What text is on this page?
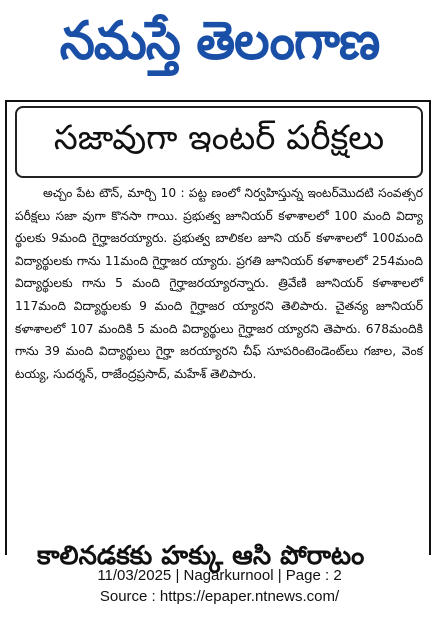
నమస్తే తెలంగాణ
సజావుగా ఇంటర్ పరీక్షలు
అచ్చం పేట టౌన్, మార్చి 10 : పట్ట ణంలో నిర్వహిస్తున్న ఇంటర్‌మొదటి సంవత్సర పరీక్షలు సజా వుగా కొనసా గాయి. ప్రభుత్వ జూనియర్ కళాశాలలో 100 మంది విద్యా ర్థులకు 9మంది గైర్హాజరయ్యారు. ప్రభుత్వ బాలికల జూని యర్ కళాశాలలో 100మంది విద్యార్థులకు గాను 11మంది గైర్హాజర య్యారు. ప్రగతి జూనియర్ కళాశాలలో 254మంది విద్యార్థులకు గాను 5 మంది గైర్హాజరయ్యారన్నారు. త్రివేణి జూనియర్ కళాశాలలో 117మంది విద్యార్థులకు 9 మంది గైర్హాజర య్యారని తెలిపారు. చైతన్య జూనియర్ కళాశాలలో 107 మందికి 5 మంది విద్యార్థులు గైర్హాజర య్యారని తెపారు. 678మందికి గాను 39 మంది విద్యార్థులు గైర్హా జరయ్యారని చీఫ్ సూపరింటెండెంట్‌లు గజాల, వెంక టయ్య, సుదర్శన్, రాజేంద్రప్రసాద్, మహేశ్ తెలిపారు.
కాలినడకకు హక్కు ఆసి పోరాటం
11/03/2025 | Nagarkurnool | Page : 2
Source : https://epaper.ntnews.com/
